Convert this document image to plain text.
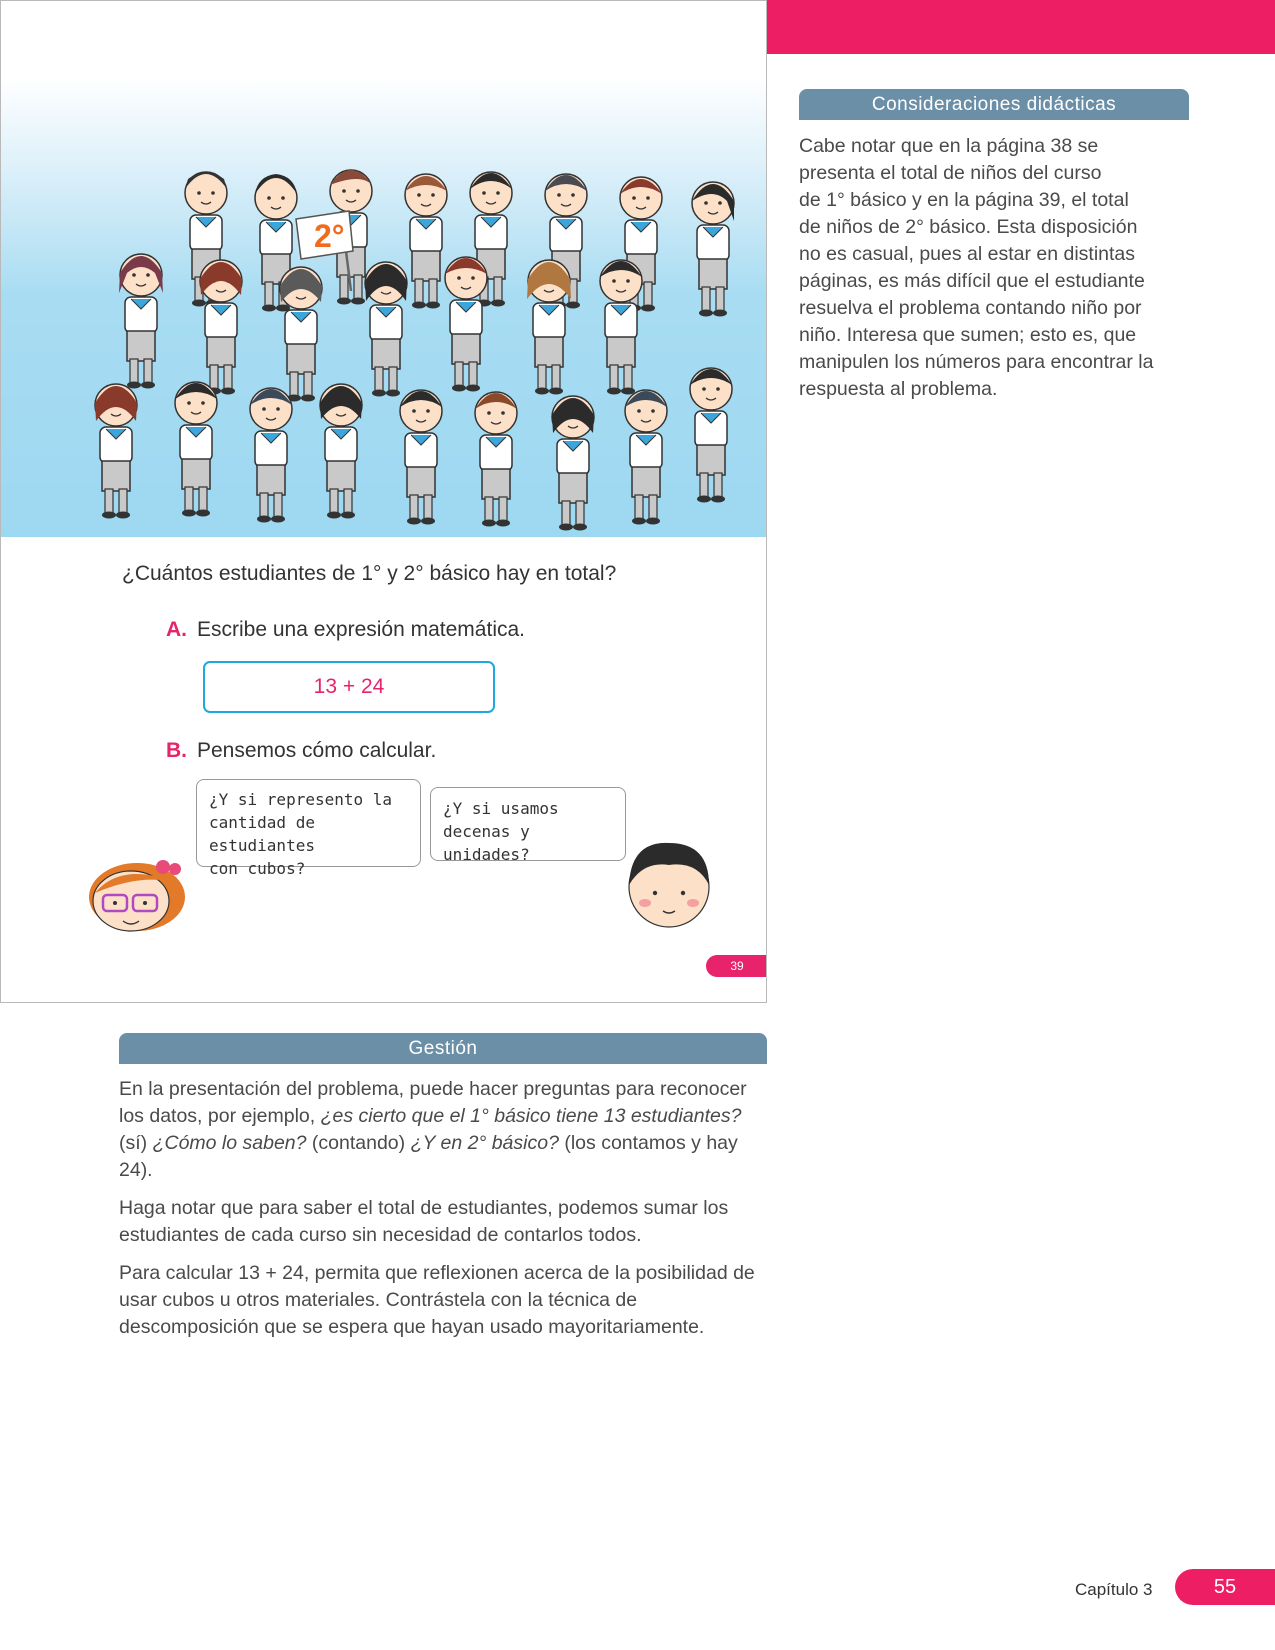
2°
¿Cuántos estudiantes de 1° y 2° básico hay en total?
A. Escribe una expresión matemática.
13 + 24
B. Pensemos cómo calcular.
¿Y si represento la
cantidad de estudiantes
con cubos?
¿Y si usamos
decenas y unidades?
39
Consideraciones didácticas
Cabe notar que en la página 38 se
presenta el total de niños del curso
de 1° básico y en la página 39, el total
de niños de 2° básico. Esta disposición
no es casual, pues al estar en distintas
páginas, es más difícil que el estudiante
resuelva el problema contando niño por
niño. Interesa que sumen; esto es, que
manipulen los números para encontrar la
respuesta al problema.
Gestión

En la presentación del problema, puede hacer preguntas para reconocer los datos, por ejemplo, ¿es cierto que el 1° básico tiene 13 estudiantes? (sí) ¿Cómo lo saben? (contando) ¿Y en 2° básico? (los contamos y hay 24).

Haga notar que para saber el total de estudiantes, podemos sumar los estudiantes de cada curso sin necesidad de contarlos todos.

Para calcular 13 + 24, permita que reflexionen acerca de la posibilidad de usar cubos u otros materiales. Contrástela con la técnica de descomposición que se espera que hayan usado mayoritariamente.

Capítulo 3	55
